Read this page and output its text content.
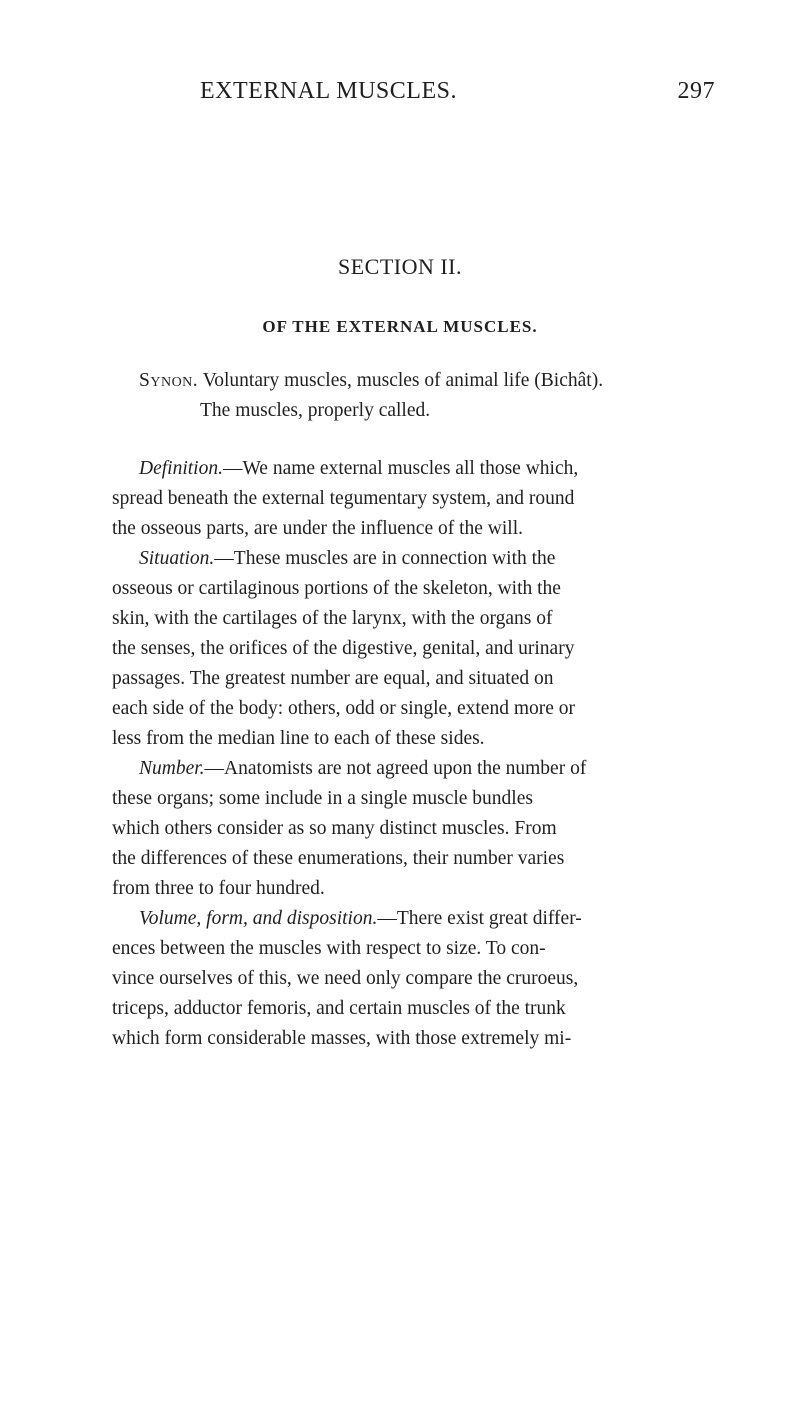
EXTERNAL MUSCLES.	297
SECTION II.
OF THE EXTERNAL MUSCLES.
Synon. Voluntary muscles, muscles of animal life (Bichât).
The muscles, properly called.
Definition.—We name external muscles all those which,
spread beneath the external tegumentary system, and round
the osseous parts, are under the influence of the will.
Situation.—These muscles are in connection with the
osseous or cartilaginous portions of the skeleton, with the
skin, with the cartilages of the larynx, with the organs of
the senses, the orifices of the digestive, genital, and urinary
passages. The greatest number are equal, and situated on
each side of the body: others, odd or single, extend more or
less from the median line to each of these sides.
Number.—Anatomists are not agreed upon the number of
these organs; some include in a single muscle bundles
which others consider as so many distinct muscles. From
the differences of these enumerations, their number varies
from three to four hundred.
Volume, form, and disposition.—There exist great differ-
ences between the muscles with respect to size. To con-
vince ourselves of this, we need only compare the cruroeus,
triceps, adductor femoris, and certain muscles of the trunk
which form considerable masses, with those extremely mi-
